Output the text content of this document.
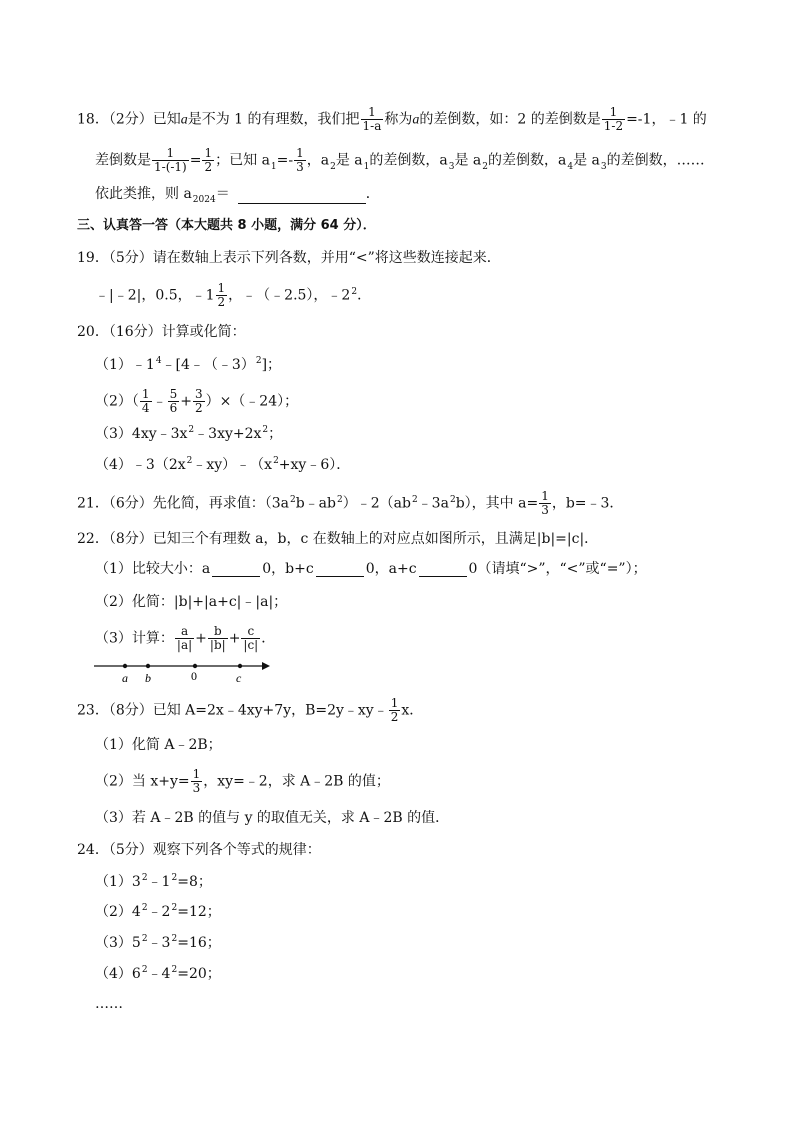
18．（2分）已知a是不为 1 的有理数，我们把 $\frac{1}{1-a}$ 称为a的差倒数，如：2 的差倒数是 $\frac{1}{1-2} =-1$，﹣1 的
差倒数是 $\frac{1}{1-(-1)} = \frac{1}{2}$ ；已知 $a_1=- \frac{1}{3}$ ，$a_2$是 $a_1$的差倒数，$a_3$是 $a_2$的差倒数，$a_4$是 $a_3$的差倒数，……
依此类推，则 $a_{2024}=$	．
三、认真答一答（本大题共 8 小题，满分 64 分）．
19．（5分）请在数轴上表示下列各数，并用“<”将这些数连接起来．
﹣|﹣2|，0.5，﹣1 $\frac{1}{2}$ ，﹣（﹣2.5），$﹣2^2$．
20．（16分）计算或化简：
$(1)﹣1^4﹣[4﹣(﹣3)^2]$；
$(2)( \frac{1}{4}$ ﹣ $\frac{5}{6} + \frac{3}{2}$ ）×（﹣24）；
$(3)4xy﹣3x^2﹣3xy+2x^2$；
$(4)﹣3(2x^2﹣xy)﹣(x^2+xy﹣6)$．
21．（6分）先化简，再求值：$(3a^2b﹣ab^2)﹣2(ab^2﹣3a^2b)$，其中 $a= \frac{1}{3}$ ，b=﹣3．
22．（8分）已知三个有理数 a，b，c 在数轴上的对应点如图所示，且满足|b|=|c|．
（1）比较大小：a	0，b+c	0，a+c	0（请填“>”，“<”或“=”）；
（2）化简：|b|+|a+c|﹣|a|；
（3）计算： $\frac{a}{|a|} + \frac{b}{|b|} + \frac{c}{|c|}$ ．
a b	0	c
23．（8分）已知 A=2x﹣4xy+7y，B=2y﹣xy﹣ $\frac{1}{2}$ x．
（1）化简 A﹣2B；
（2）当 $x+y= \frac{1}{3}$ ，xy=﹣2，求 A﹣2B 的值；
（3）若 A﹣2B 的值与 y 的取值无关，求 A﹣2B 的值．
24．（5分）观察下列各个等式的规律：
$(1)3^2﹣1^2=8$；
$(2)4^2﹣2^2=12$；
$(3)5^2﹣3^2=16$；
$(4)6^2﹣4^2=20$；
……
